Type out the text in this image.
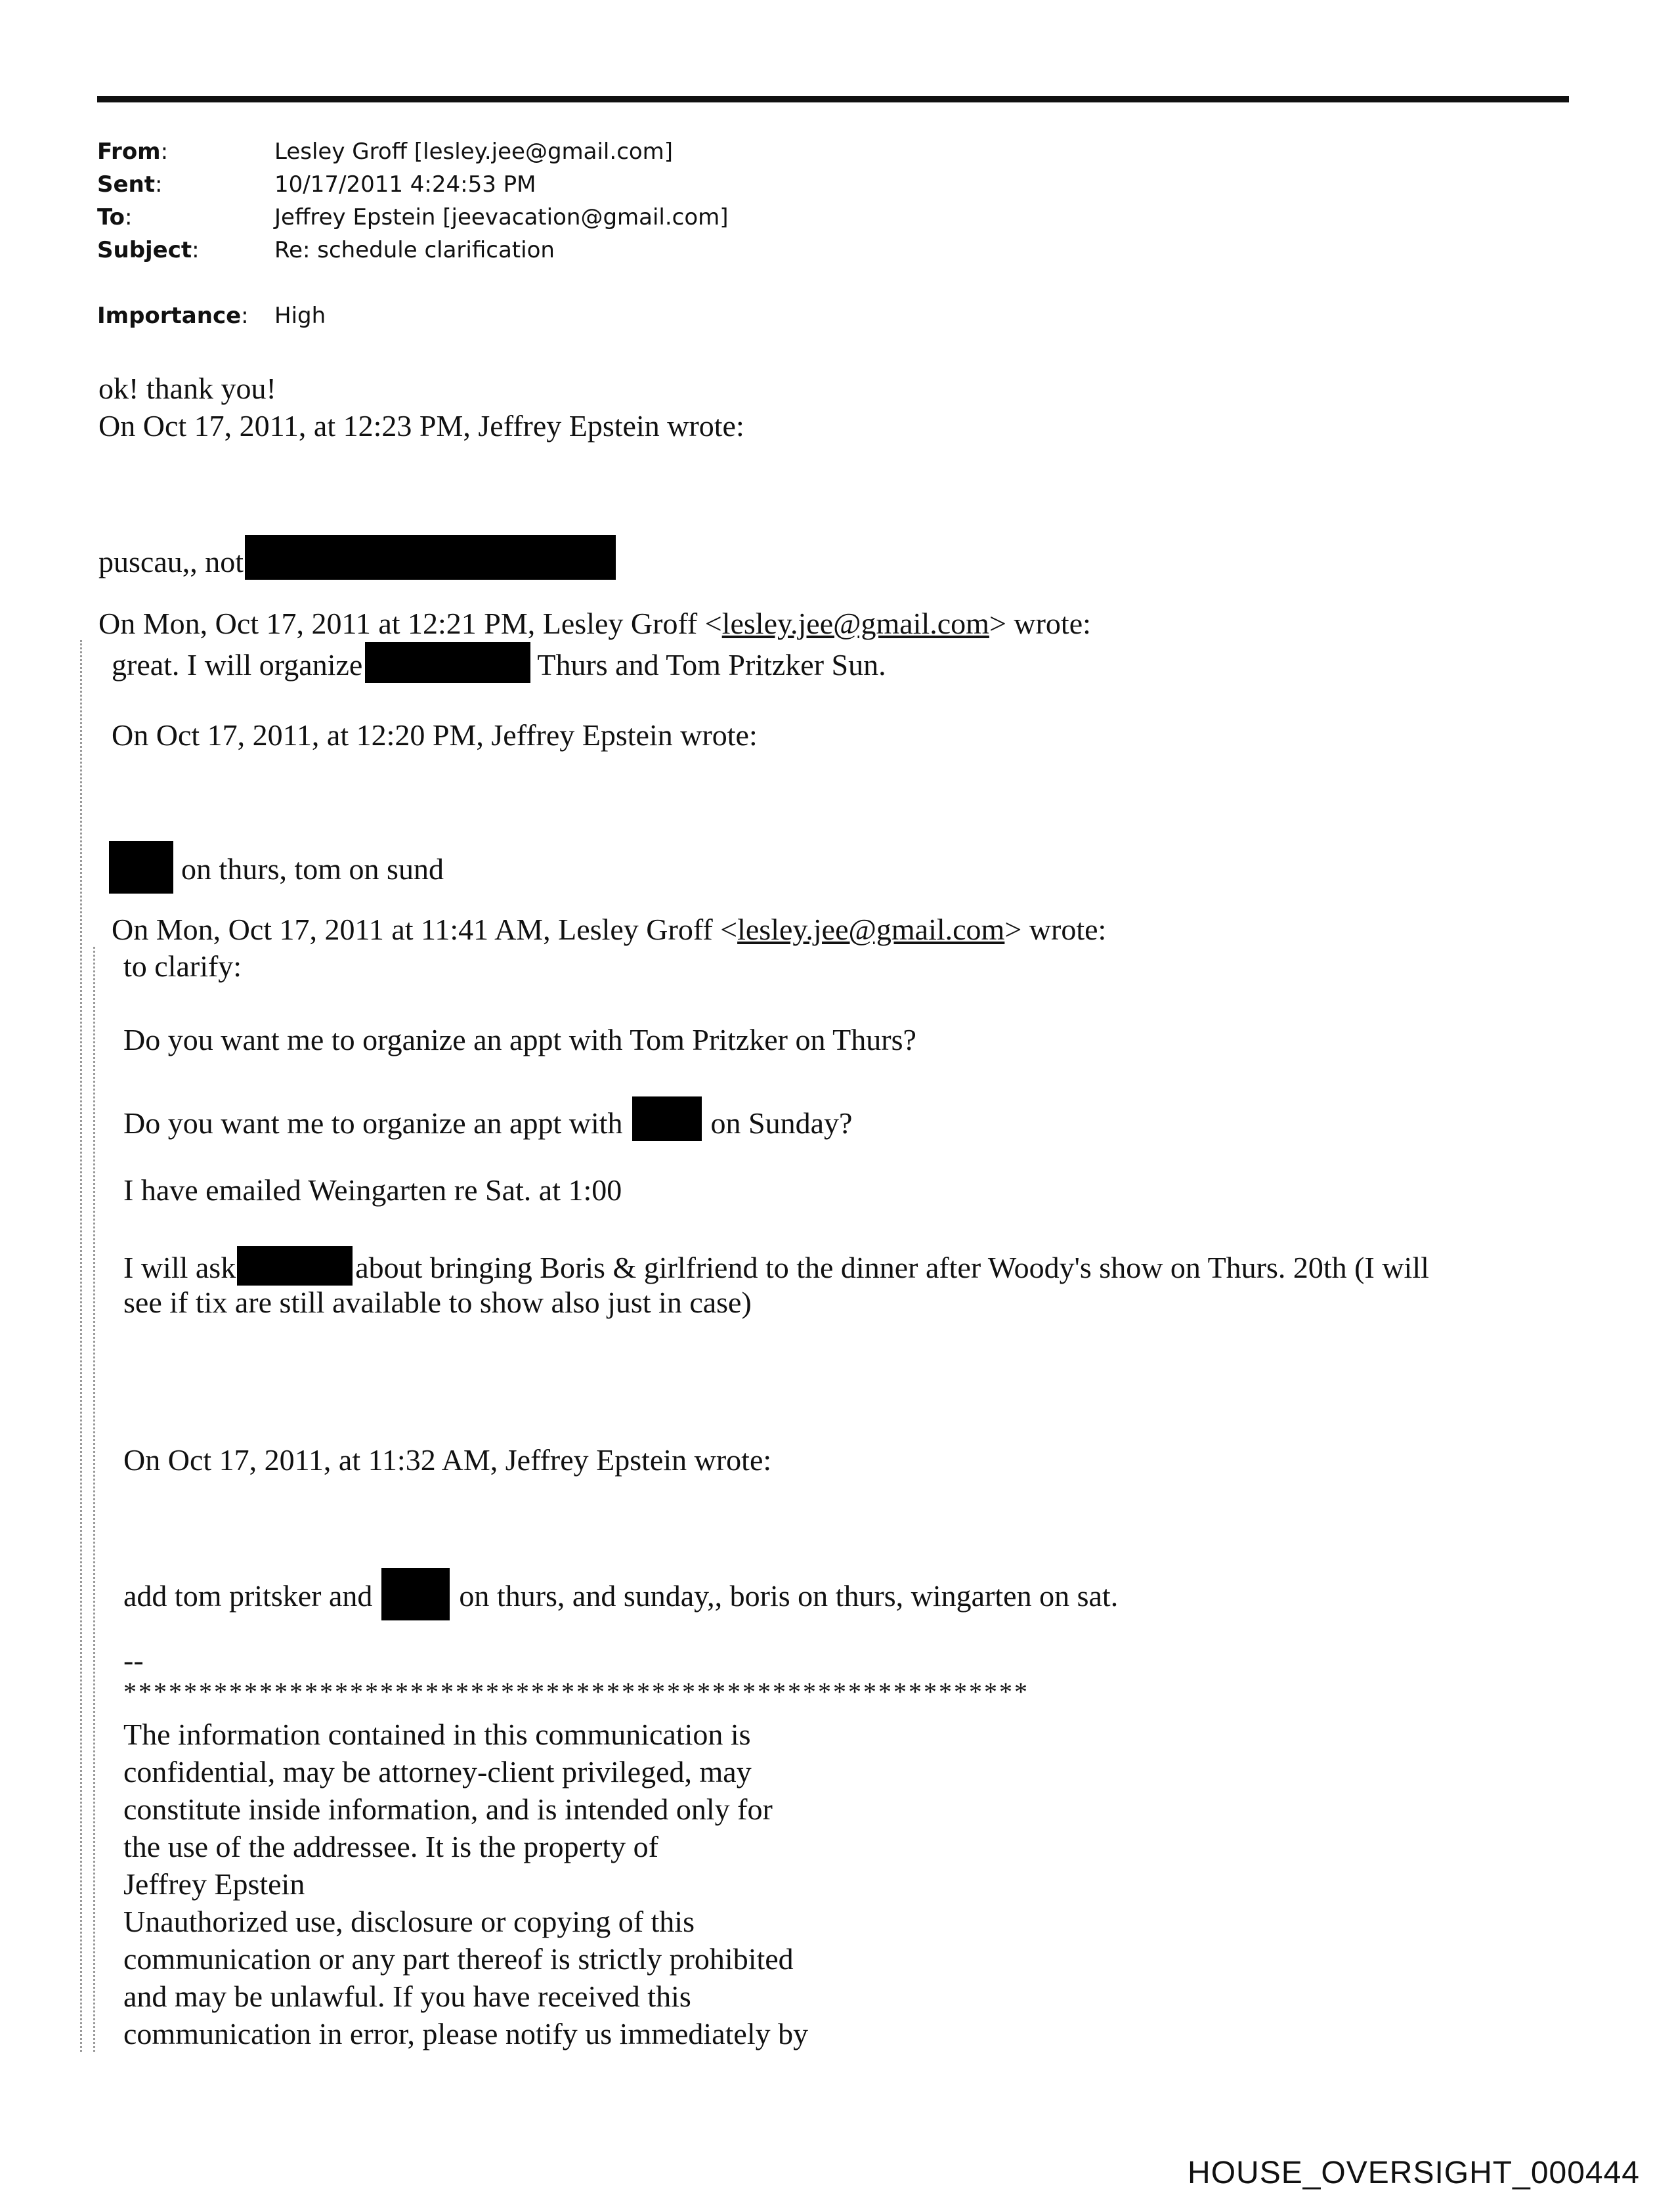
From:	Lesley Groff [lesley.jee@gmail.com]
Sent:	10/17/2011 4:24:53 PM
To:	Jeffrey Epstein [jeevacation@gmail.com]
Subject:	Re: schedule clarification
Importance: High
ok! thank you!
On Oct 17, 2011, at 12:23 PM, Jeffrey Epstein wrote:
puscau,, not
On Mon, Oct 17, 2011 at 12:21 PM, Lesley Groff <lesley.jee@gmail.com> wrote:
great. I will organize	Thurs and Tom Pritzker Sun.
On Oct 17, 2011, at 12:20 PM, Jeffrey Epstein wrote:
on thurs, tom on sund
On Mon, Oct 17, 2011 at 11:41 AM, Lesley Groff <lesley.jee@gmail.com> wrote:
to clarify:
Do you want me to organize an appt with Tom Pritzker on Thurs?
Do you want me to organize an appt with	on Sunday?
I have emailed Weingarten re Sat. at 1:00
I will ask	about bringing Boris & girlfriend to the dinner after Woody's show on Thurs. 20th (I will
see if tix are still available to show also just in case)
On Oct 17, 2011, at 11:32 AM, Jeffrey Epstein wrote:
add tom pritsker and	on thurs, and sunday,, boris on thurs, wingarten on sat.
--
************************************************************
The information contained in this communication is
confidential, may be attorney-client privileged, may
constitute inside information, and is intended only for
the use of the addressee. It is the property of
Jeffrey Epstein
Unauthorized use, disclosure or copying of this
communication or any part thereof is strictly prohibited
and may be unlawful. If you have received this
communication in error, please notify us immediately by
HOUSE_OVERSIGHT_000444
